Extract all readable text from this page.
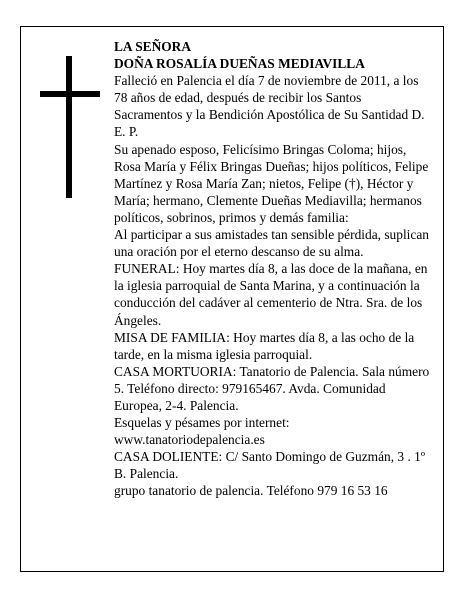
LA SEÑORA

DOÑA ROSALÍA DUEÑAS MEDIAVILLA

Falleció en Palencia el día 7 de noviembre de 2011, a los 78 años de edad, después de recibir los Santos Sacramentos y la Bendición Apostólica de Su Santidad D. E. P.

Su apenado esposo, Felicísimo Bringas Coloma; hijos, Rosa María y Félix Bringas Dueñas; hijos políticos, Felipe Martínez y Rosa María Zan; nietos, Felipe (†), Héctor y María; hermano, Clemente Dueñas Mediavilla; hermanos políticos, sobrinos, primos y demás familia:

Al participar a sus amistades tan sensible pérdida, suplican una oración por el eterno descanso de su alma.

FUNERAL: Hoy martes día 8, a las doce de la mañana, en la iglesia parroquial de Santa Marina, y a continuación la conducción del cadáver al cementerio de Ntra. Sra. de los Ángeles.

MISA DE FAMILIA: Hoy martes día 8, a las ocho de la tarde, en la misma iglesia parroquial.

CASA MORTUORIA: Tanatorio de Palencia. Sala número 5. Teléfono directo: 979165467. Avda. Comunidad Europea, 2-4. Palencia.

Esquelas y pésames por internet: www.tanatoriodepalencia.es

CASA DOLIENTE: C/ Santo Domingo de Guzmán, 3 . 1º B. Palencia.

grupo tanatorio de palencia. Teléfono 979 16 53 16
